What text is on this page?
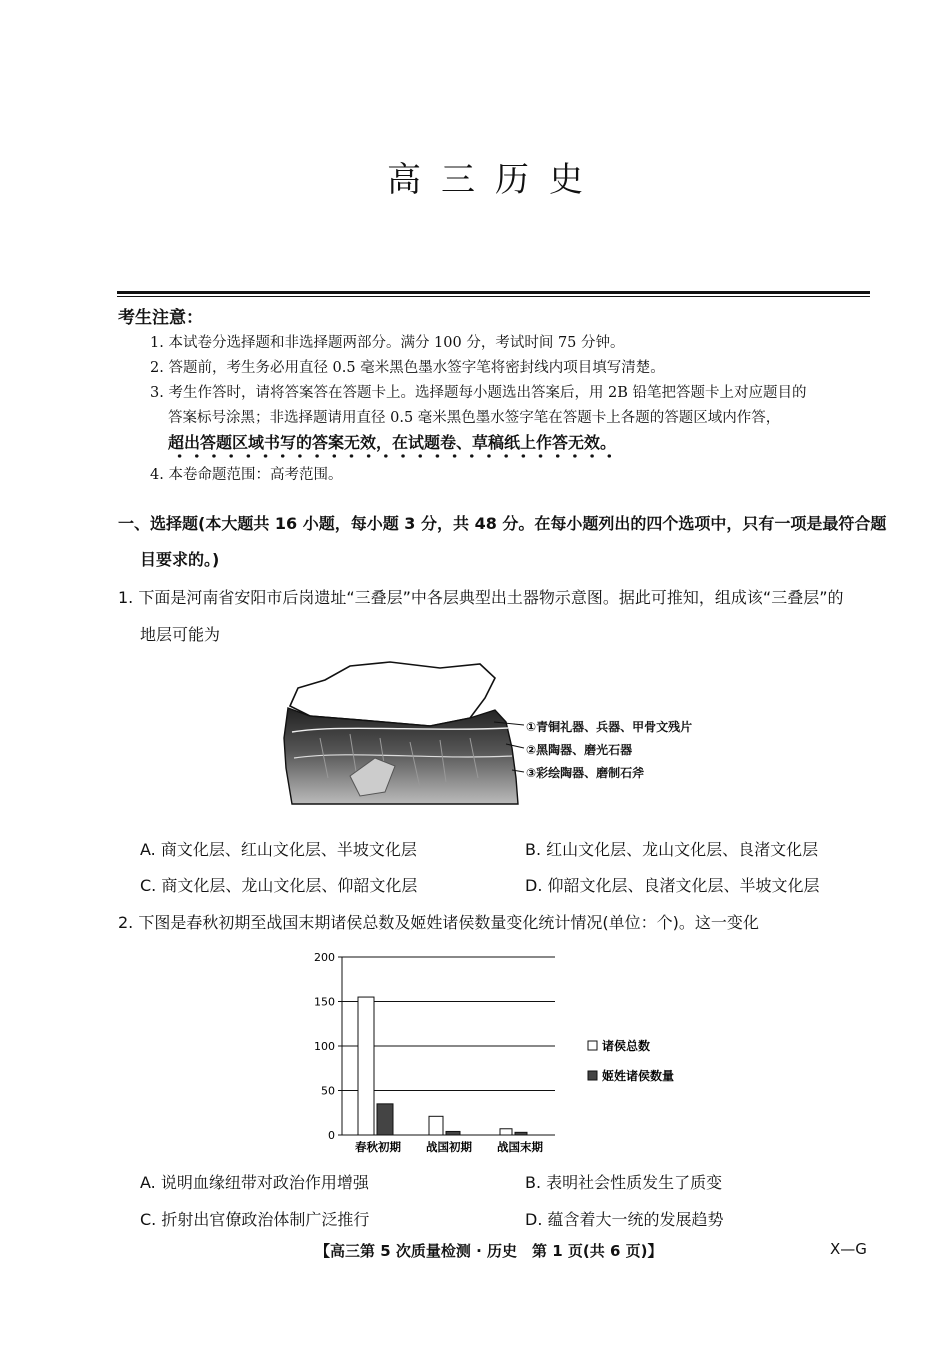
高三历史
考生注意：
1. 本试卷分选择题和非选择题两部分。满分 100 分，考试时间 75 分钟。
2. 答题前，考生务必用直径 0.5 毫米黑色墨水签字笔将密封线内项目填写清楚。
3. 考生作答时，请将答案答在答题卡上。选择题每小题选出答案后，用 2B 铅笔把答题卡上对应题目的
答案标号涂黑；非选择题请用直径 0.5 毫米黑色墨水签字笔在答题卡上各题的答题区域内作答，
超出答题区域书写的答案无效，在试题卷、草稿纸上作答无效。
4. 本卷命题范围：高考范围。
一、选择题(本大题共 16 小题，每小题 3 分，共 48 分。在每小题列出的四个选项中，只有一项是最符合题
目要求的。)
1. 下面是河南省安阳市后岗遗址“三叠层”中各层典型出土器物示意图。据此可推知，组成该“三叠层”的
地层可能为
①青铜礼器、兵器、甲骨文残片
②黑陶器、磨光石器
③彩绘陶器、磨制石斧
A. 商文化层、红山文化层、半坡文化层	B. 红山文化层、龙山文化层、良渚文化层
C. 商文化层、龙山文化层、仰韶文化层	D. 仰韶文化层、良渚文化层、半坡文化层
2. 下图是春秋初期至战国末期诸侯总数及姬姓诸侯数量变化统计情况(单位：个)。这一变化
200
150
100
50
0
春秋初期 战国初期 战国末期
诸侯总数
姬姓诸侯数量
A. 说明血缘纽带对政治作用增强	B. 表明社会性质发生了质变
C. 折射出官僚政治体制广泛推行	D. 蕴含着大一统的发展趋势
【高三第 5 次质量检测 · 历史　第 1 页(共 6 页)】	X—G
